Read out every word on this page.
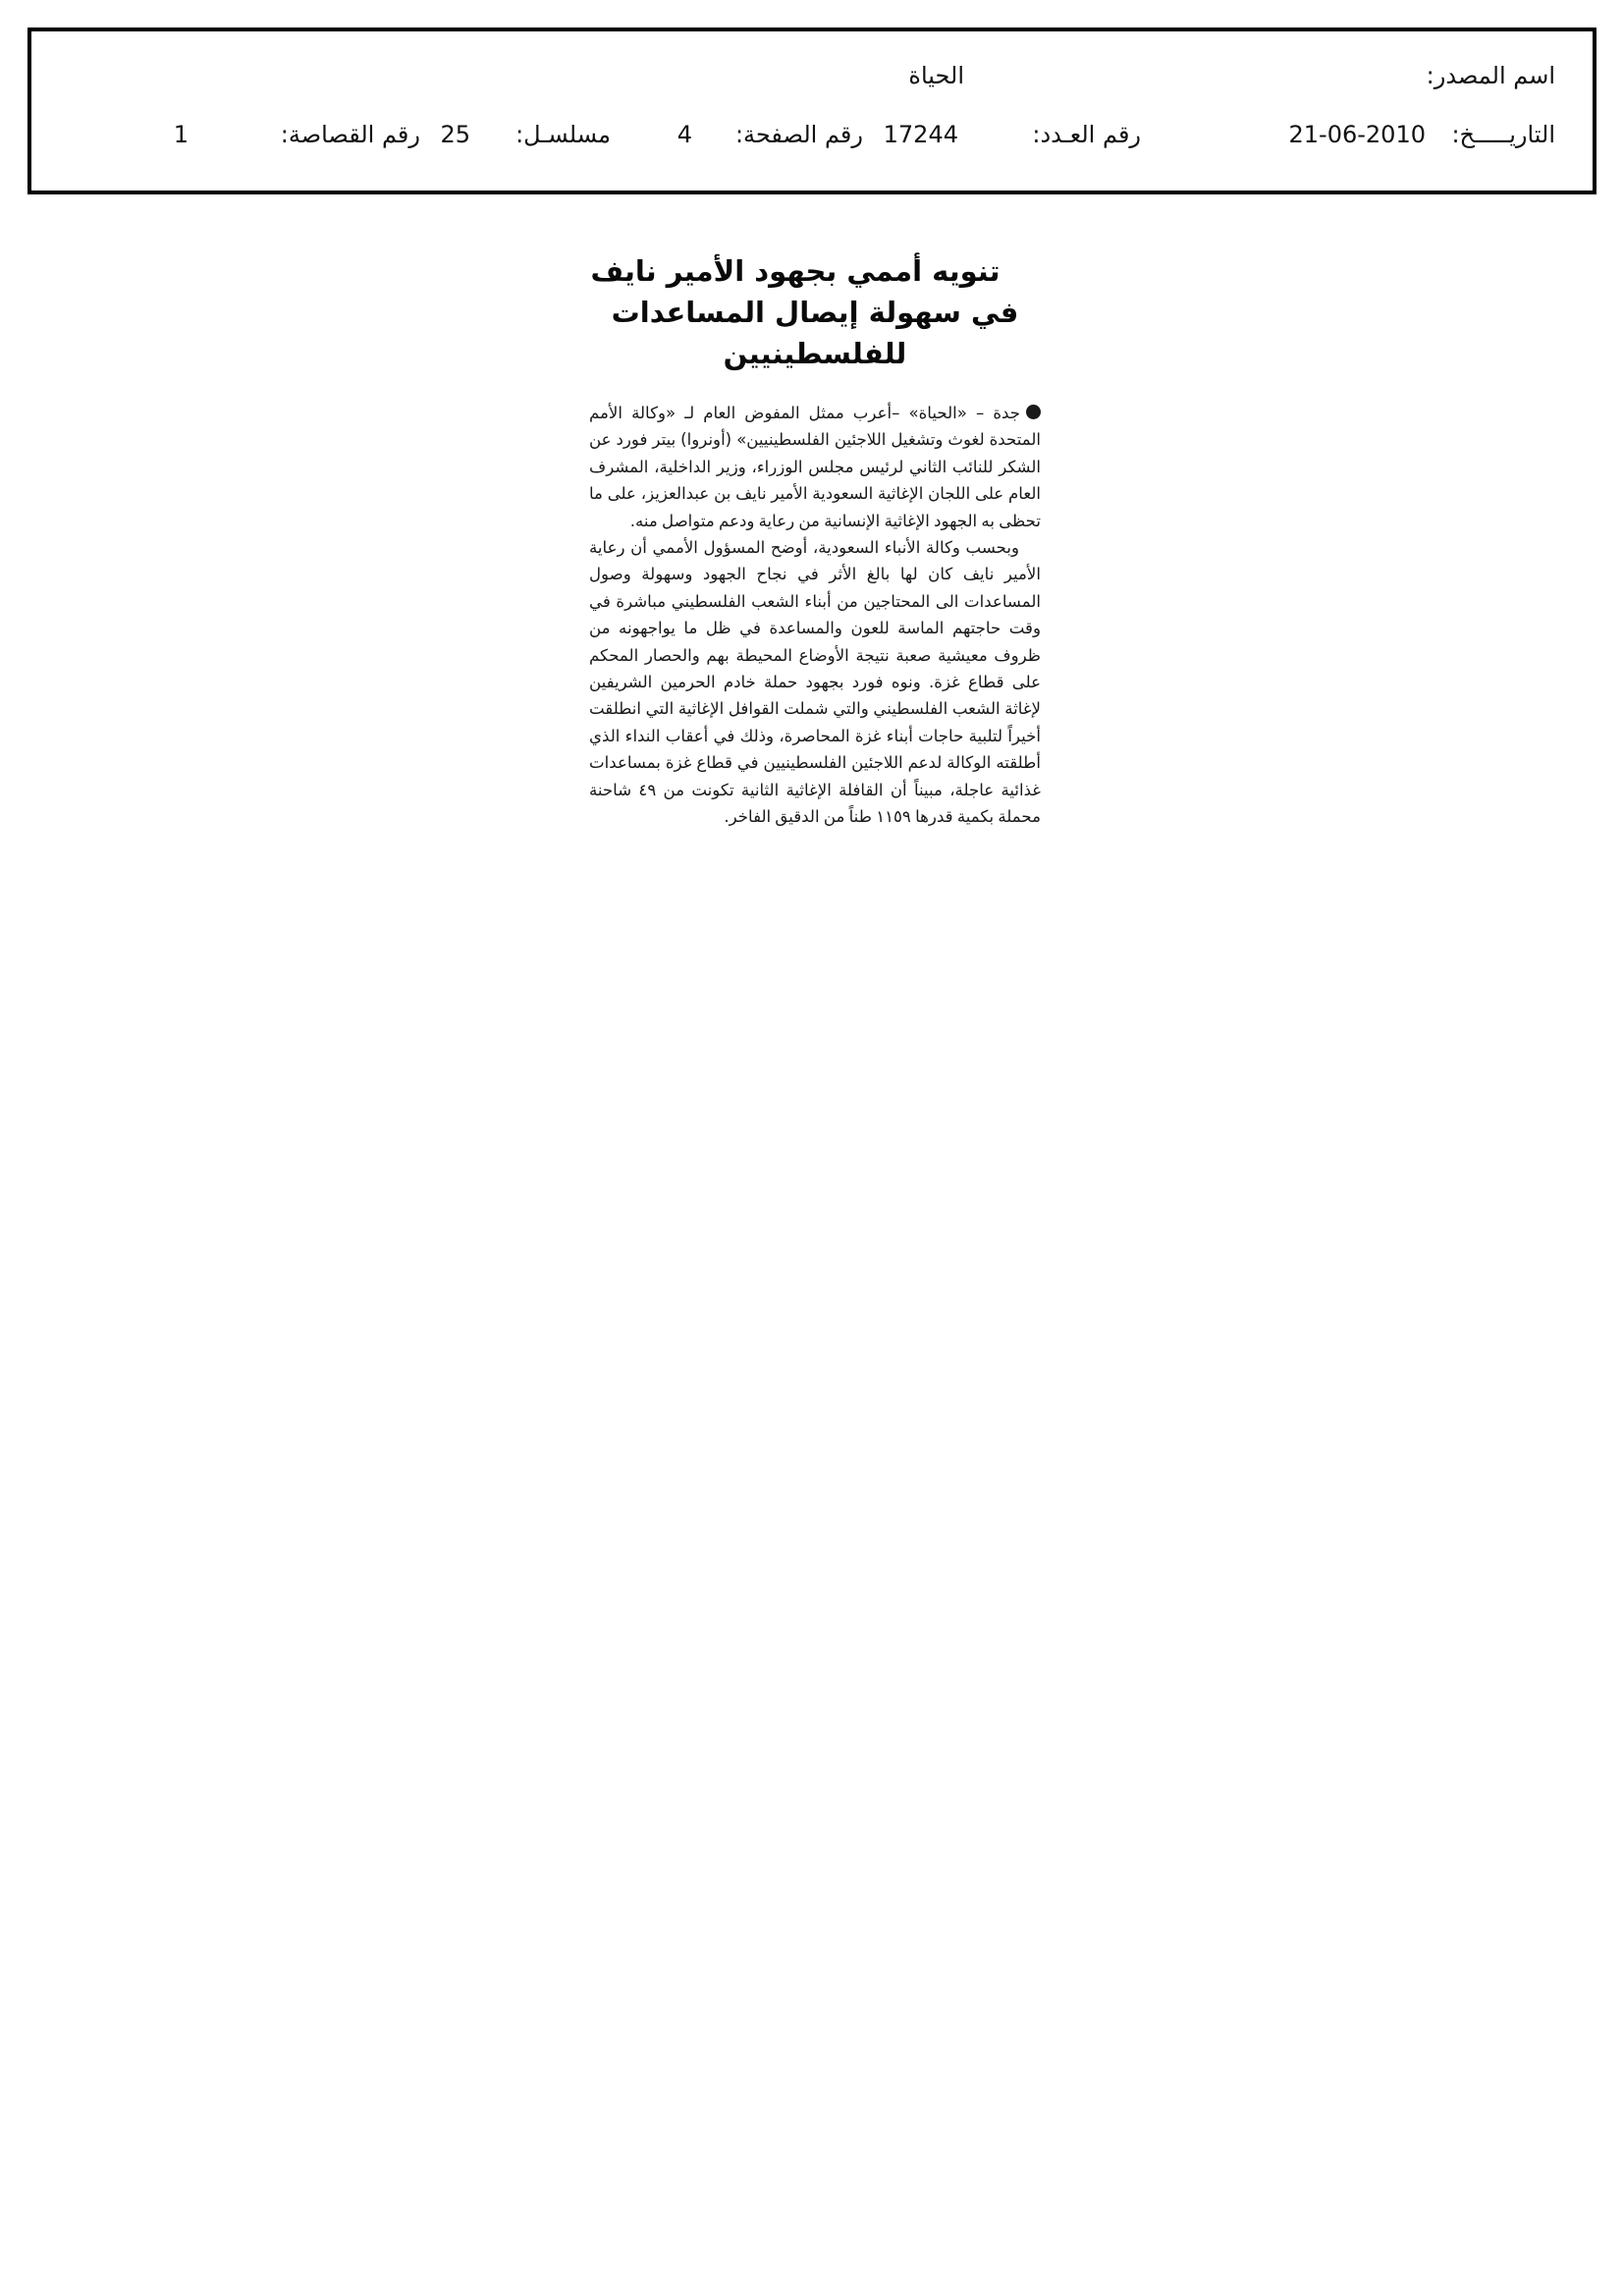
اسم المصدر:
الحياة
التاريـــــخ:
21-06-2010
رقم العـدد:
17244
رقم الصفحة:
4
مسلسـل:
25
رقم القصاصة:
1
تنويه أممي بجهود الأمير نايف
في سهولة إيصال المساعدات للفلسطينيين

جدة – «الحياة» –أعرب ممثل المفوض العام لـ «وكالة الأمم المتحدة لغوث وتشغيل اللاجئين الفلسطينيين» (أونروا) بيتر فورد عن الشكر للنائب الثاني لرئيس مجلس الوزراء، وزير الداخلية، المشرف العام على اللجان الإغاثية السعودية الأمير نايف بن عبدالعزيز، على ما تحظى به الجهود الإغاثية الإنسانية من رعاية ودعم متواصل منه.

وبحسب وكالة الأنباء السعودية، أوضح المسؤول الأممي أن رعاية الأمير نايف كان لها بالغ الأثر في نجاح الجهود وسهولة وصول المساعدات الى المحتاجين من أبناء الشعب الفلسطيني مباشرة في وقت حاجتهم الماسة للعون والمساعدة في ظل ما يواجهونه من ظروف معيشية صعبة نتيجة الأوضاع المحيطة بهم والحصار المحكم على قطاع غزة. ونوه فورد بجهود حملة خادم الحرمين الشريفين لإغاثة الشعب الفلسطيني والتي شملت القوافل الإغاثية التي انطلقت أخيراً لتلبية حاجات أبناء غزة المحاصرة، وذلك في أعقاب النداء الذي أطلقته الوكالة لدعم اللاجئين الفلسطينيين في قطاع غزة بمساعدات غذائية عاجلة، مبيناً أن القافلة الإغاثية الثانية تكونت من ٤٩ شاحنة محملة بكمية قدرها ١١٥٩ طناً من الدقيق الفاخر.
